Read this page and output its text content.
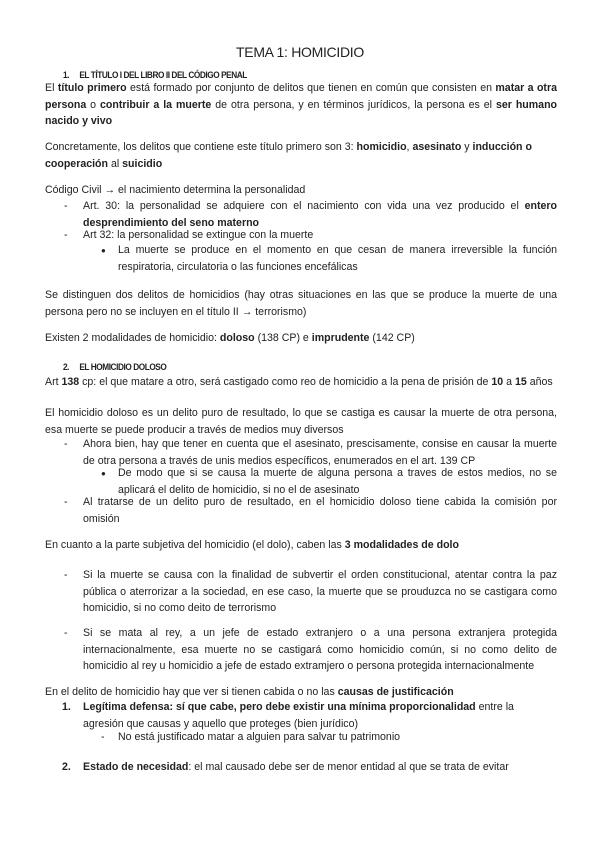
TEMA 1: HOMICIDIO
1. EL TÍTULO I DEL LIBRO II DEL CÓDIGO PENAL
El título primero está formado por conjunto de delitos que tienen en común que consisten en matar a otra persona o contribuir a la muerte de otra persona, y en términos jurídicos, la persona es el ser humano nacido y vivo
Concretamente, los delitos que contiene este título primero son 3: homicidio, asesinato y inducción o cooperación al suicidio
Código Civil → el nacimiento determina la personalidad
-	Art. 30: la personalidad se adquiere con el nacimiento con vida una vez producido el entero desprendimiento del seno materno
-	Art 32: la personalidad se extingue con la muerte
● La muerte se produce en el momento en que cesan de manera irreversible la función respiratoria, circulatoria o las funciones encefálicas
Se distinguen dos delitos de homicidios (hay otras situaciones en las que se produce la muerte de una persona pero no se incluyen en el título II → terrorismo)
Existen 2 modalidades de homicidio: doloso (138 CP) e imprudente (142 CP)
2. EL HOMICIDIO DOLOSO
Art 138 cp: el que matare a otro, será castigado como reo de homicidio a la pena de prisión de 10 a 15 años
El homicidio doloso es un delito puro de resultado, lo que se castiga es causar la muerte de otra persona, esa muerte se puede producir a través de medios muy diversos
-	Ahora bien, hay que tener en cuenta que el asesinato, prescisamente, consise en causar la muerte de otra persona a través de unis medios específicos, enumerados en el art. 139 CP
● De modo que si se causa la muerte de alguna persona a traves de estos medios, no se aplicará el delito de homicidio, si no el de asesinato
-	Al tratarse de un delito puro de resultado, en el homicidio doloso tiene cabida la comisión por omisión
En cuanto a la parte subjetiva del homicidio (el dolo), caben las 3 modalidades de dolo
-	Si la muerte se causa con la finalidad de subvertir el orden constitucional, atentar contra la paz pública o aterrorizar a la sociedad, en ese caso, la muerte que se prouduzca no se castigara como homicidio, si no como deito de terrorismo
-	Si se mata al rey, a un jefe de estado extranjero o a una persona extranjera protegida internacionalmente, esa muerte no se castigará como homicidio común, si no como delito de homicidio al rey u homicidio a jefe de estado extramjero o persona protegida internacionalmente
En el delito de homicidio hay que ver si tienen cabida o no las causas de justificación
1.	Legítima defensa: sí que cabe, pero debe existir una mínima proporcionalidad entre la agresión que causas y aquello que proteges (bien jurídico)
-	No está justificado matar a alguien para salvar tu patrimonio
2.	Estado de necesidad: el mal causado debe ser de menor entidad al que se trata de evitar
